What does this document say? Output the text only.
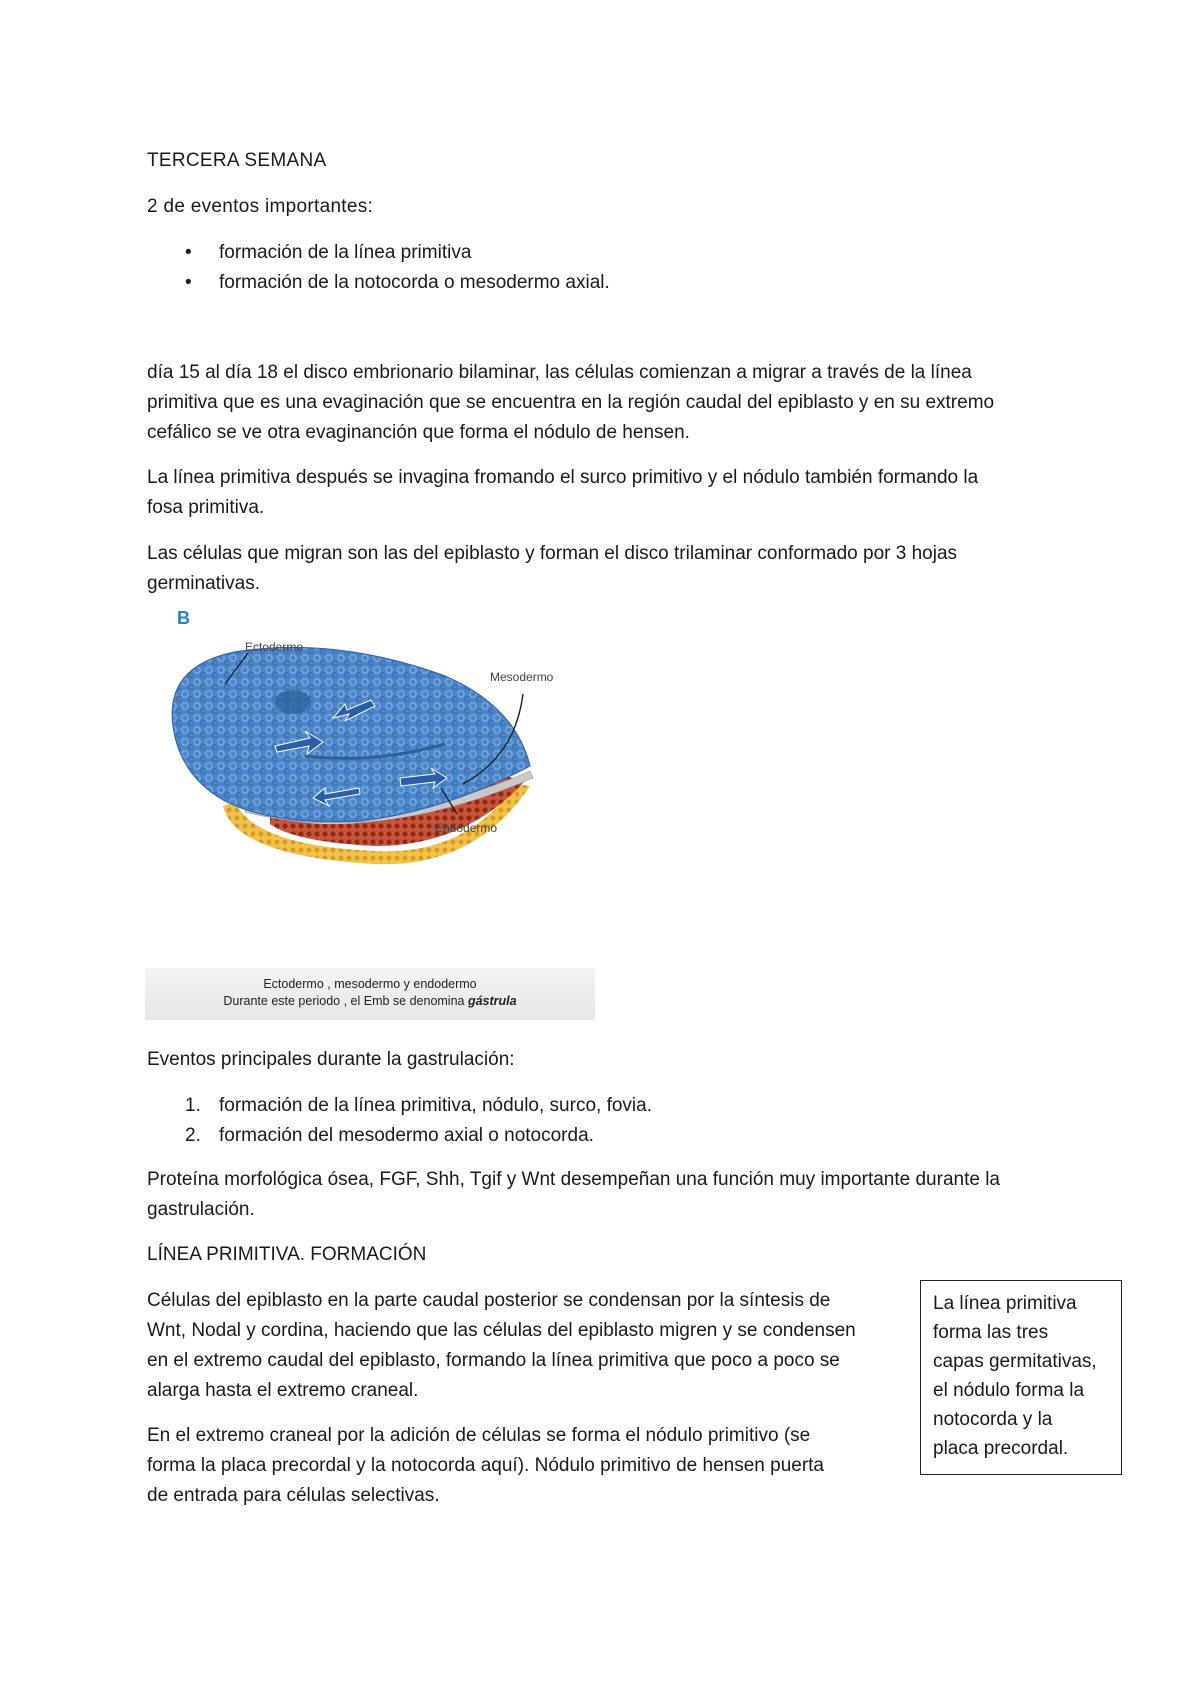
TERCERA SEMANA
2 de eventos importantes:
•	formación de la línea primitiva
•	formación de la notocorda o mesodermo axial.
día 15 al día 18 el disco embrionario bilaminar, las células comienzan a migrar a través de la línea
primitiva que es una evaginación que se encuentra en la región caudal del epiblasto y en su extremo
cefálico se ve otra evaginanción que forma el nódulo de hensen.
La línea primitiva después se invagina fromando el surco primitivo y el nódulo también formando la
fosa primitiva.
Las células que migran son las del epiblasto y forman el disco trilaminar conformado por 3 hojas
germinativas.
B
Ectodermo
Mesodermo
Endodermo
Ectodermo , mesodermo y endodermo
Durante este periodo , el Emb se denomina gástrula
Eventos principales durante la gastrulación:
1. formación de la línea primitiva, nódulo, surco, fovia.
2. formación del mesodermo axial o notocorda.
Proteína morfológica ósea, FGF, Shh, Tgif y Wnt desempeñan una función muy importante durante la
gastrulación.
LÍNEA PRIMITIVA. FORMACIÓN
Células del epiblasto en la parte caudal posterior se condensan por la síntesis de
Wnt, Nodal y cordina, haciendo que las células del epiblasto migren y se condensen
en el extremo caudal del epiblasto, formando la línea primitiva que poco a poco se
alarga hasta el extremo craneal.
En el extremo craneal por la adición de células se forma el nódulo primitivo (se
forma la placa precordal y la notocorda aquí). Nódulo primitivo de hensen puerta
de entrada para células selectivas.
La línea primitiva
forma las tres
capas germitativas,
el nódulo forma la
notocorda y la
placa precordal.
